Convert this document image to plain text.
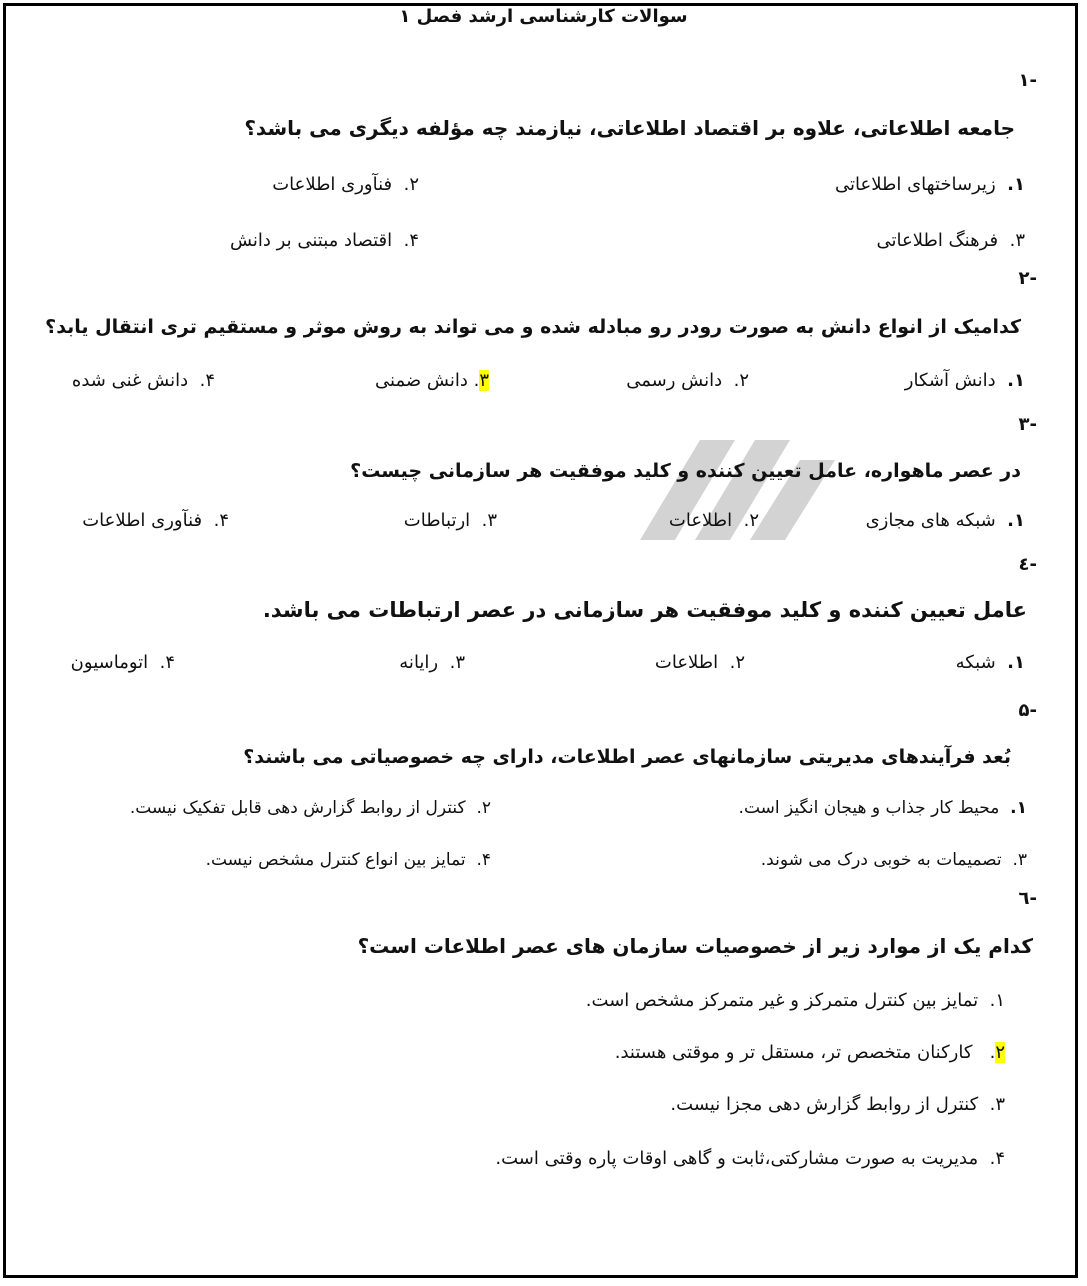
سوالات کارشناسی ارشد فصل ۱
-۱
جامعه اطلاعاتی، علاوه بر اقتصاد اطلاعاتی، نیازمند چه مؤلفه دیگری می باشد؟
۱.  زیرساختهای اطلاعاتی
۲.  فنآوری اطلاعات
۳.  فرهنگ اطلاعاتی
۴.  اقتصاد مبتنی بر دانش
-۲
کدامیک از انواع دانش به صورت رودر رو مبادله شده و می تواند به روش موثر و مستقیم تری انتقال یابد؟
۱.  دانش آشکار
۲.  دانش رسمی
۳. دانش ضمنی
۴.  دانش غنی شده
-۳
در عصر ماهواره، عامل تعیین کننده و کلید موفقیت هر سازمانی چیست؟
۱.  شبکه های مجازی
۲.  اطلاعات
۳.  ارتباطات
۴.  فنآوری اطلاعات
-٤
عامل تعیین کننده و کلید موفقیت هر سازمانی در عصر ارتباطات می باشد.
۱.  شبکه
۲.  اطلاعات
۳.  رایانه
۴.  اتوماسیون
-۵
بُعد فرآیندهای مدیریتی سازمانهای عصر اطلاعات، دارای چه خصوصیاتی می باشند؟
۱.  محیط کار جذاب و هیجان انگیز است.
۲.  کنترل از روابط گزارش دهی قابل تفکیک نیست.
۳.  تصمیمات به خوبی درک می شوند.
۴.  تمایز بین انواع کنترل مشخص نیست.
-٦
کدام یک از موارد زیر از خصوصیات سازمان های عصر اطلاعات است؟
۱.  تمایز بین کنترل متمرکز و غیر متمرکز مشخص است.
۲.   کارکنان متخصص تر، مستقل تر و موقتی هستند.
۳.  کنترل از روابط گزارش دهی مجزا نیست.
۴.  مدیریت به صورت مشارکتی،ثابت و گاهی اوقات پاره وقتی است.
